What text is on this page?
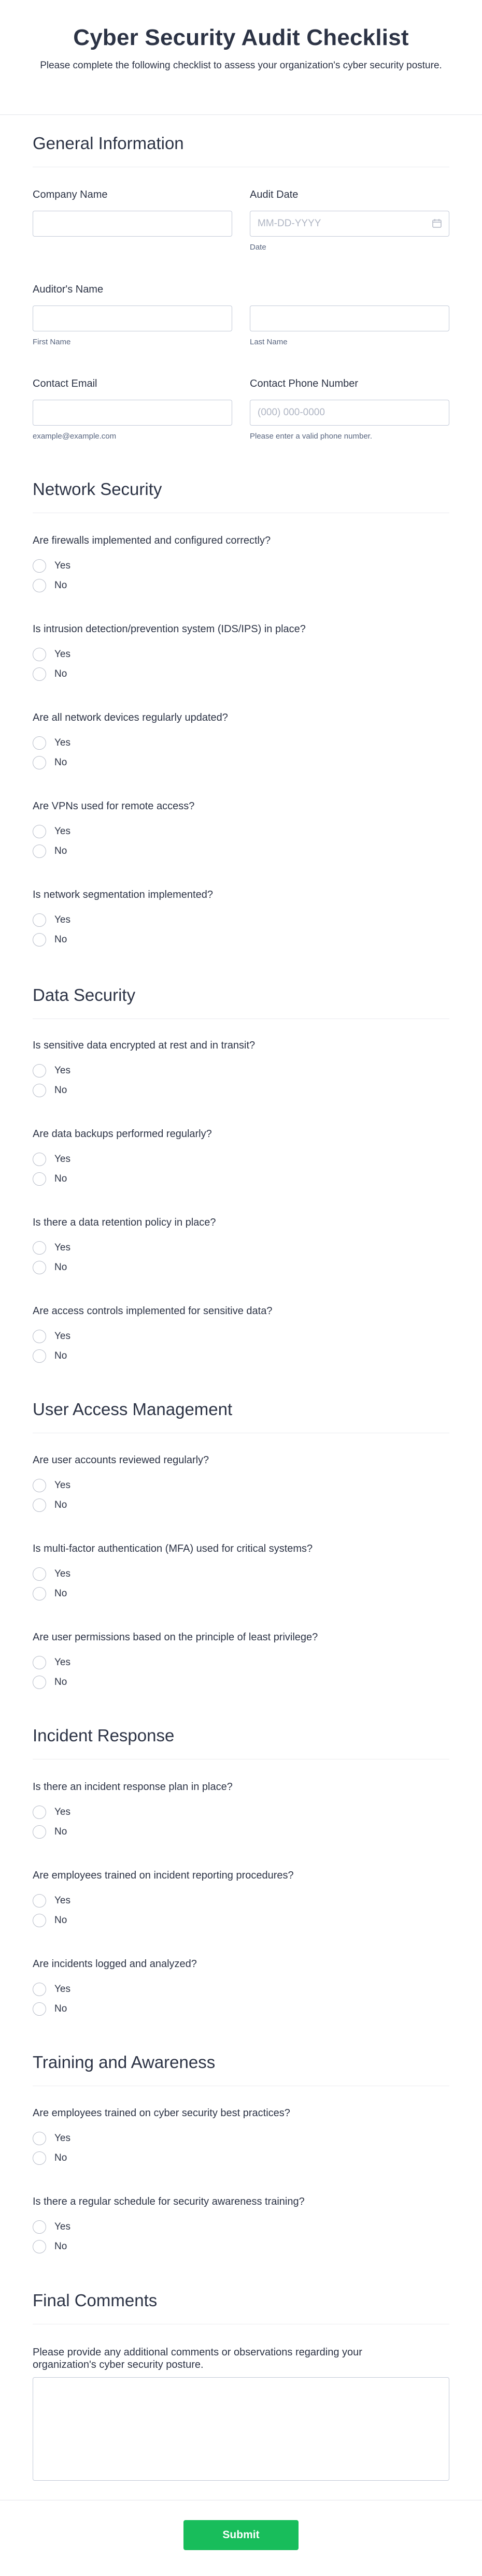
Cyber Security Audit Checklist

Please complete the following checklist to assess your organization's cyber security posture.

General Information
Company Name	Audit Date
MM-DD-YYYY
Date
Auditor's Name
First Name	Last Name
Contact Email
example@example.com
Contact Phone Number
(000) 000-0000
Please enter a valid phone number.
Network Security
Are firewalls implemented and configured correctly?
Yes
No
Is intrusion detection/prevention system (IDS/IPS) in place?
Yes
No
Are all network devices regularly updated?
Yes
No
Are VPNs used for remote access?
Yes
No
Is network segmentation implemented?
Yes
No
Data Security
Is sensitive data encrypted at rest and in transit?
Yes
No
Are data backups performed regularly?
Yes
No
Is there a data retention policy in place?
Yes
No
Are access controls implemented for sensitive data?
Yes
No
User Access Management
Are user accounts reviewed regularly?
Yes
No
Is multi-factor authentication (MFA) used for critical systems?
Yes
No
Are user permissions based on the principle of least privilege?
Yes
No
Incident Response
Is there an incident response plan in place?
Yes
No
Are employees trained on incident reporting procedures?
Yes
No
Are incidents logged and analyzed?
Yes
No
Training and Awareness
Are employees trained on cyber security best practices?
Yes
No
Is there a regular schedule for security awareness training?
Yes
No
Final Comments
Please provide any additional comments or observations regarding your organization's cyber security posture.
Submit
